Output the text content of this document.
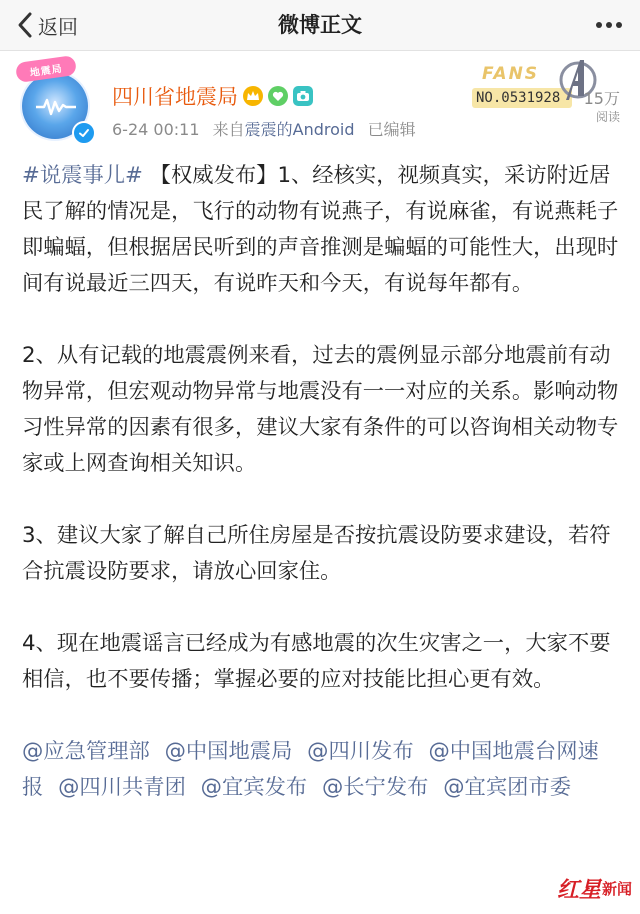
返回	微博正文
地震局
四川省地震局
6-24 00:11 来自震震的Android 已编辑
FANS
NO.0531928	15万
阅读

#说震事儿# 【权威发布】1、经核实，视频真实，采访附近居民了解的情况是，飞行的动物有说燕子，有说麻雀，有说燕耗子即蝙蝠，但根据居民听到的声音推测是蝙蝠的可能性大，出现时间有说最近三四天，有说昨天和今天，有说每年都有。

2、从有记载的地震震例来看，过去的震例显示部分地震前有动物异常，但宏观动物异常与地震没有一一对应的关系。影响动物习性异常的因素有很多，建议大家有条件的可以咨询相关动物专家或上网查询相关知识。

3、建议大家了解自己所住房屋是否按抗震设防要求建设，若符合抗震设防要求，请放心回家住。

4、现在地震谣言已经成为有感地震的次生灾害之一，大家不要相信，也不要传播；掌握必要的应对技能比担心更有效。

@应急管理部 @中国地震局 @四川发布 @中国地震台网速报 @四川共青团 @宜宾发布 @长宁发布 @宜宾团市委

红星 新闻
